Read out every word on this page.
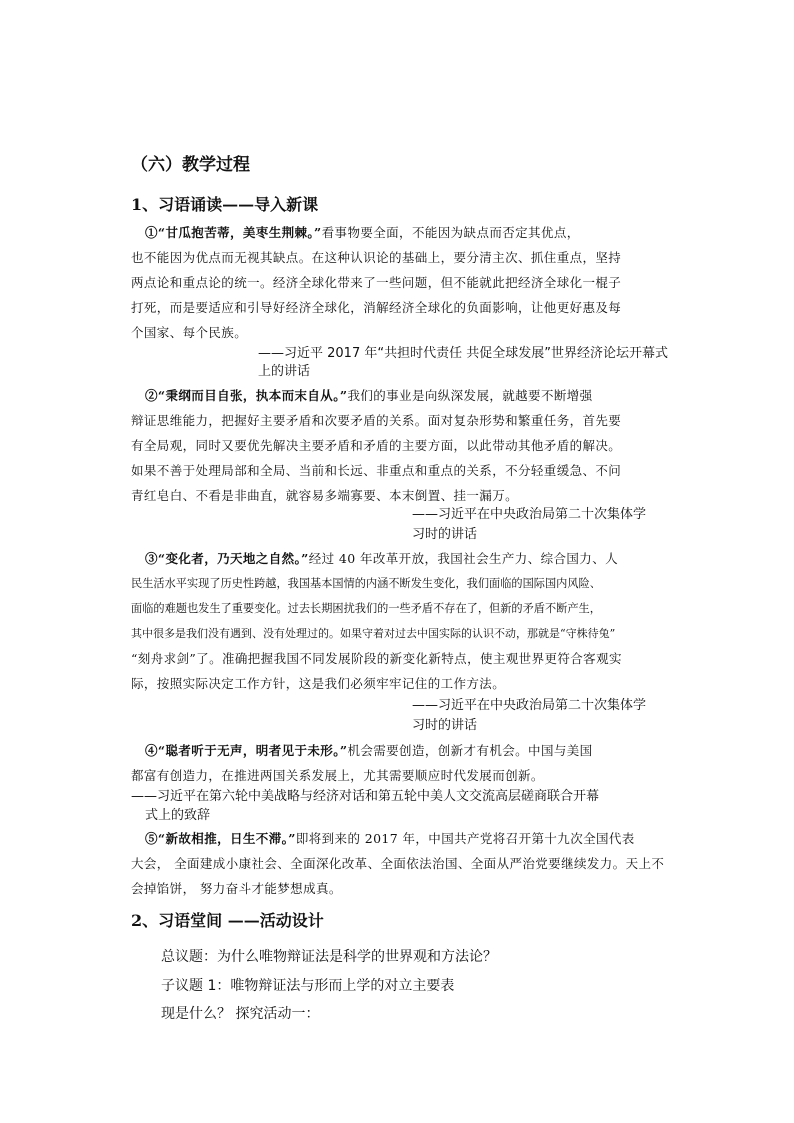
（六）教学过程
1、习语诵读——导入新课
①“甘瓜抱苦蒂，美枣生荆棘。”看事物要全面，不能因为缺点而否定其优点，
也不能因为优点而无视其缺点。在这种认识论的基础上，要分清主次、抓住重点，坚持
两点论和重点论的统一。经济全球化带来了一些问题，但不能就此把经济全球化一棍子
打死，而是要适应和引导好经济全球化，消解经济全球化的负面影响，让他更好惠及每
个国家、每个民族。
——习近平 2017 年“共担时代责任 共促全球发展”世界经济论坛开幕式
上的讲话
②“秉纲而目自张，执本而末自从。”我们的事业是向纵深发展，就越要不断增强
辩证思维能力，把握好主要矛盾和次要矛盾的关系。面对复杂形势和繁重任务，首先要
有全局观，同时又要优先解决主要矛盾和矛盾的主要方面，以此带动其他矛盾的解决。
如果不善于处理局部和全局、当前和长远、非重点和重点的关系，不分轻重缓急、不问
青红皂白、不看是非曲直，就容易多端寡要、本末倒置、挂一漏万。
——习近平在中央政治局第二十次集体学
习时的讲话
③“变化者，乃天地之自然。”经过 40 年改革开放，我国社会生产力、综合国力、人
民生活水平实现了历史性跨越，我国基本国情的内涵不断发生变化，我们面临的国际国内风险、
面临的难题也发生了重要变化。过去长期困扰我们的一些矛盾不存在了，但新的矛盾不断产生，
其中很多是我们没有遇到、没有处理过的。如果守着对过去中国实际的认识不动，那就是“守株待兔”
“刻舟求剑”了。准确把握我国不同发展阶段的新变化新特点，使主观世界更符合客观实
际，按照实际决定工作方针，这是我们必须牢牢记住的工作方法。
——习近平在中央政治局第二十次集体学
习时的讲话
④“聪者听于无声，明者见于未形。”机会需要创造，创新才有机会。中国与美国
都富有创造力，在推进两国关系发展上，尤其需要顺应时代发展而创新。
——习近平在第六轮中美战略与经济对话和第五轮中美人文交流高层磋商联合开幕
式上的致辞
⑤“新故相推，日生不滞。”即将到来的 2017 年，中国共产党将召开第十九次全国代表
大会， 全面建成小康社会、全面深化改革、全面依法治国、全面从严治党要继续发力。天上不
会掉馅饼， 努力奋斗才能梦想成真。
2、习语堂间 ——活动设计
总议题：为什么唯物辩证法是科学的世界观和方法论？
子议题 1：唯物辩证法与形而上学的对立主要表
现是什么？ 探究活动一：
